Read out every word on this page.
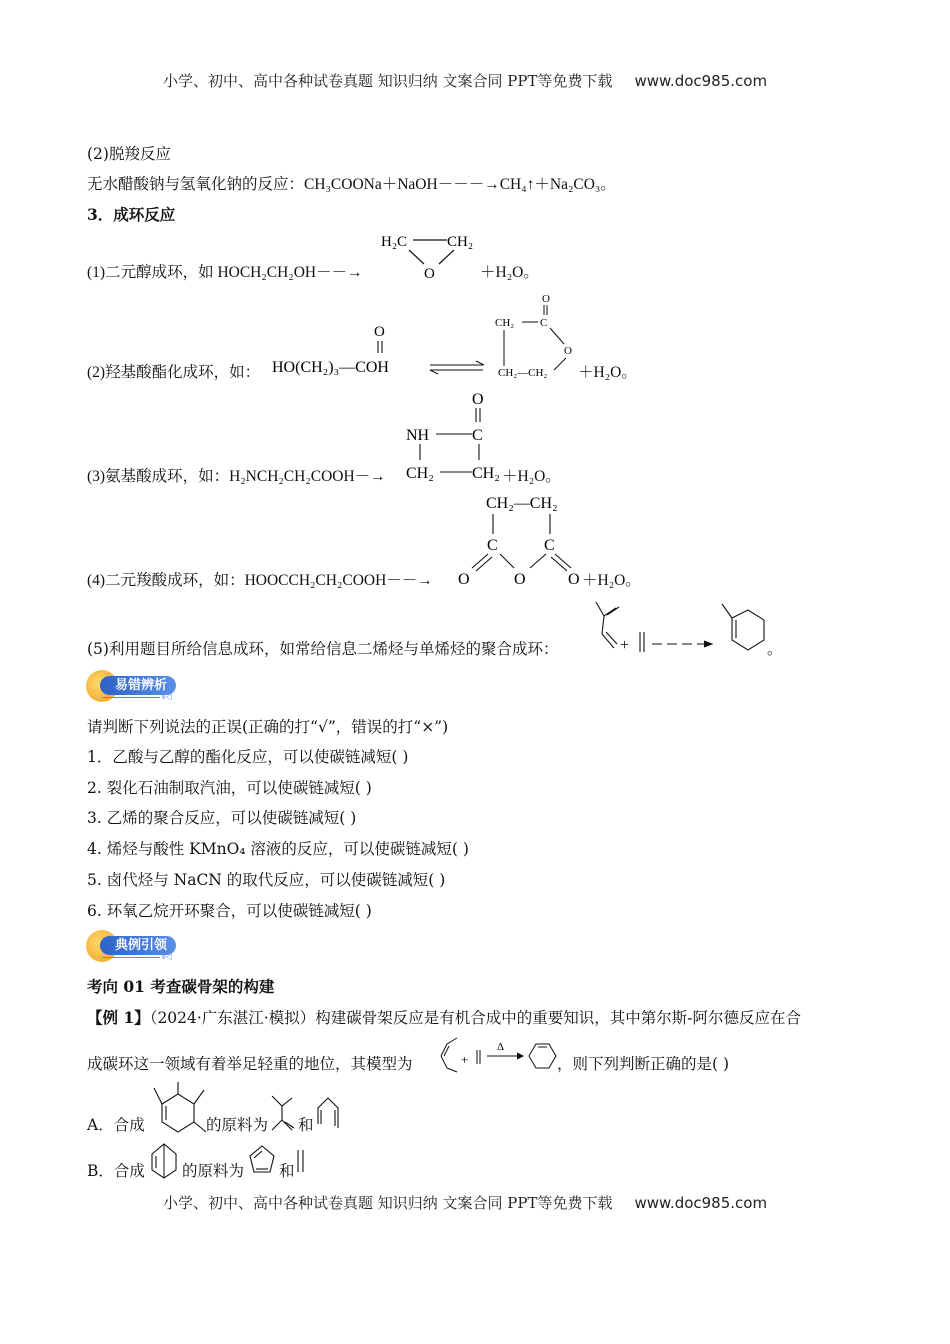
小学、初中、高中各种试卷真题 知识归纳 文案合同 PPT等免费下载 www.doc985.com
(2)脱羧反应
无水醋酸钠与氢氧化钠的反应：CH₃COONa＋NaOH－－－→CH₄↑＋Na₂CO₃。
3．成环反应
(1)二元醇成环，如 HOCH₂CH₂OH－－→
H₂C	CH₂
O	＋H₂O。
(2)羟基酸酯化成环，如：
O
HO(CH₂)₃—COH
CH₂ C
O
O
CH₂—CH₂ ＋H₂O。
(3)氨基酸成环，如：H₂NCH₂CH₂COOH－→
O
NH	C
CH₂ CH₂ ＋H₂O。
(4)二元羧酸成环，如：HOOCCH₂CH₂COOH－－→
CH₂—CH₂
C	C
O	O	O ＋H₂O。
(5)利用题目所给信息成环，如常给信息二烯烃与单烯烃的聚合成环：	+	。
易错辨析
⦀◁
请判断下列说法的正误(正确的打“√”，错误的打“×”)
1．乙酸与乙醇的酯化反应，可以使碳链减短( )
2. 裂化石油制取汽油，可以使碳链减短( )
3. 乙烯的聚合反应，可以使碳链减短( )
4. 烯烃与酸性 KMnO₄ 溶液的反应，可以使碳链减短( )
5. 卤代烃与 NaCN 的取代反应，可以使碳链减短( )
6. 环氧乙烷开环聚合，可以使碳链减短( )
典例引领
⦀◁
考向 01 考查碳骨架的构建
【例 1】（2024·广东湛江·模拟）构建碳骨架反应是有机合成中的重要知识，其中第尔斯-阿尔德反应在合
成碳环这一领域有着举足轻重的地位，其模型为	+
Δ
，则下列判断正确的是( )
A．合成	的原料为 和
B．合成 的原料为 和
小学、初中、高中各种试卷真题 知识归纳 文案合同 PPT等免费下载 www.doc985.com
